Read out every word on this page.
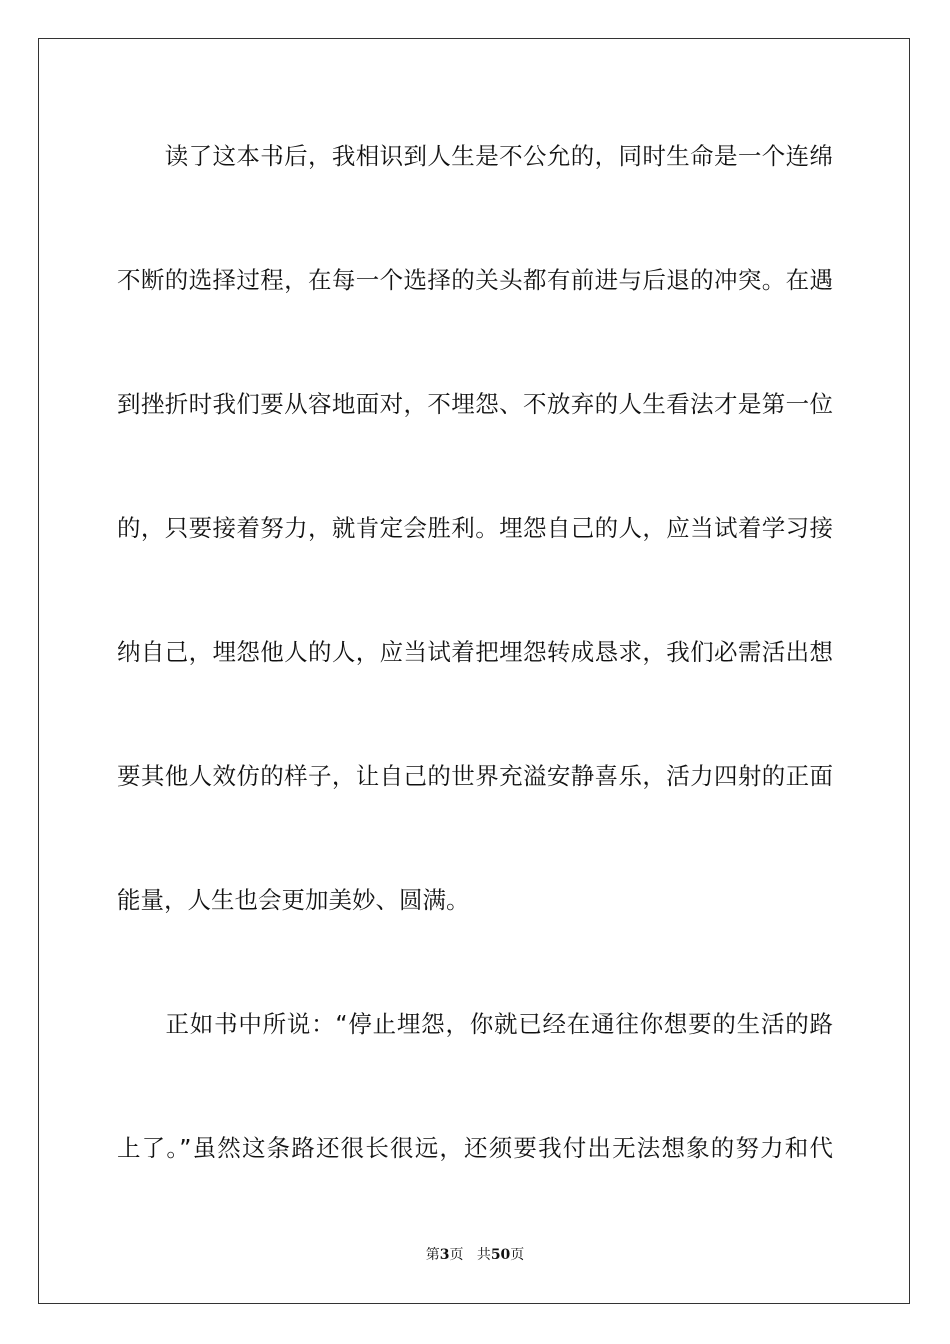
　　读了这本书后，我相识到人生是不公允的，同时生命是一个连绵
不断的选择过程，在每一个选择的关头都有前进与后退的冲突。在遇
到挫折时我们要从容地面对，不埋怨、不放弃的人生看法才是第一位
的，只要接着努力，就肯定会胜利。埋怨自己的人，应当试着学习接
纳自己，埋怨他人的人，应当试着把埋怨转成恳求，我们必需活出想
要其他人效仿的样子，让自己的世界充溢安静喜乐，活力四射的正面
能量，人生也会更加美妙、圆满。
　　正如书中所说：“停止埋怨，你就已经在通往你想要的生活的路
上了。”虽然这条路还很长很远，还须要我付出无法想象的努力和代
第3页 共50页
